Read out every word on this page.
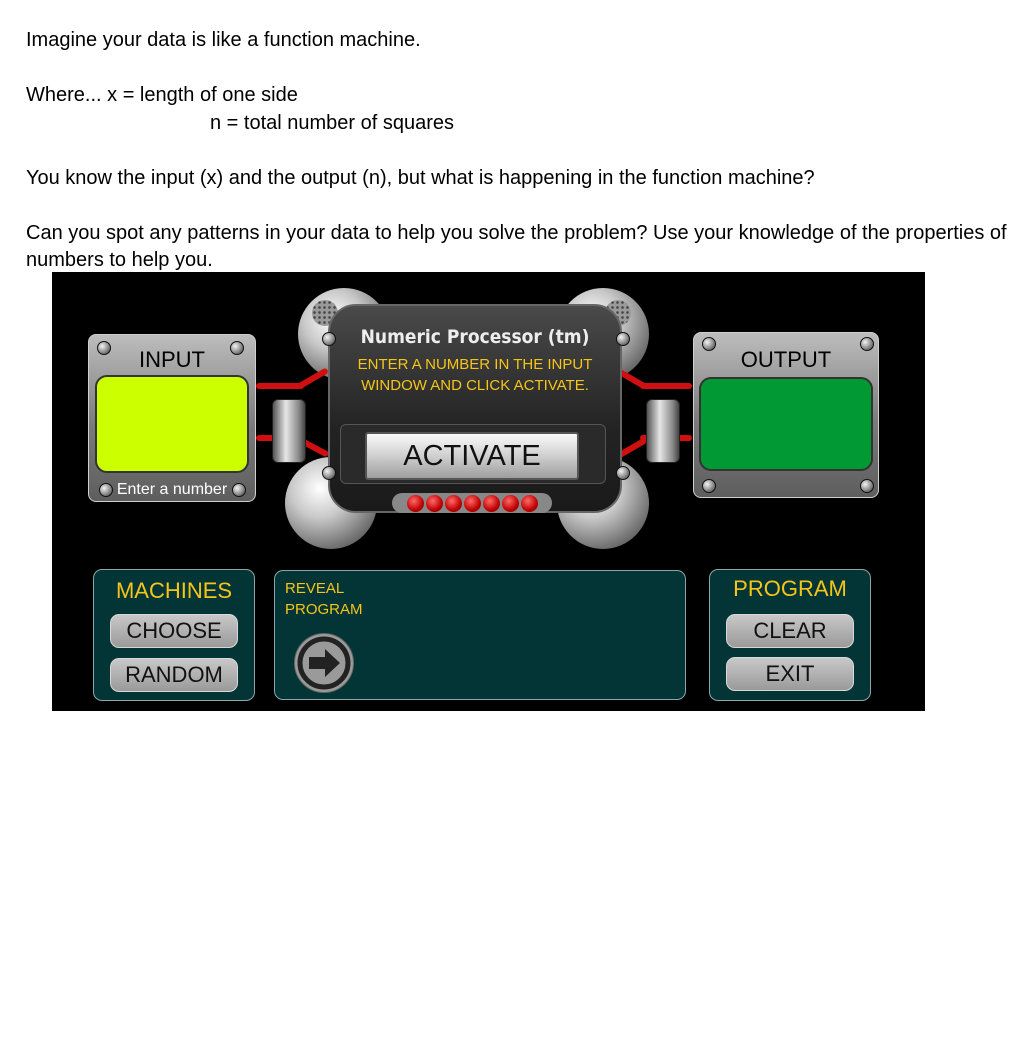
Imagine your data is like a function machine.

Where... x = length of one side

n = total number of squares

You know the input (x) and the output (n), but what is happening in the function machine?

Can you spot any patterns in your data to help you solve the problem? Use your knowledge of the properties of numbers to help you.

INPUT
Enter a number
OUTPUT
Numeric Processor (tm)
ENTER A NUMBER IN THE INPUT WINDOW AND CLICK ACTIVATE.
ACTIVATE
MACHINES
CHOOSE
RANDOM
REVEAL PROGRAM
PROGRAM
CLEAR
EXIT
